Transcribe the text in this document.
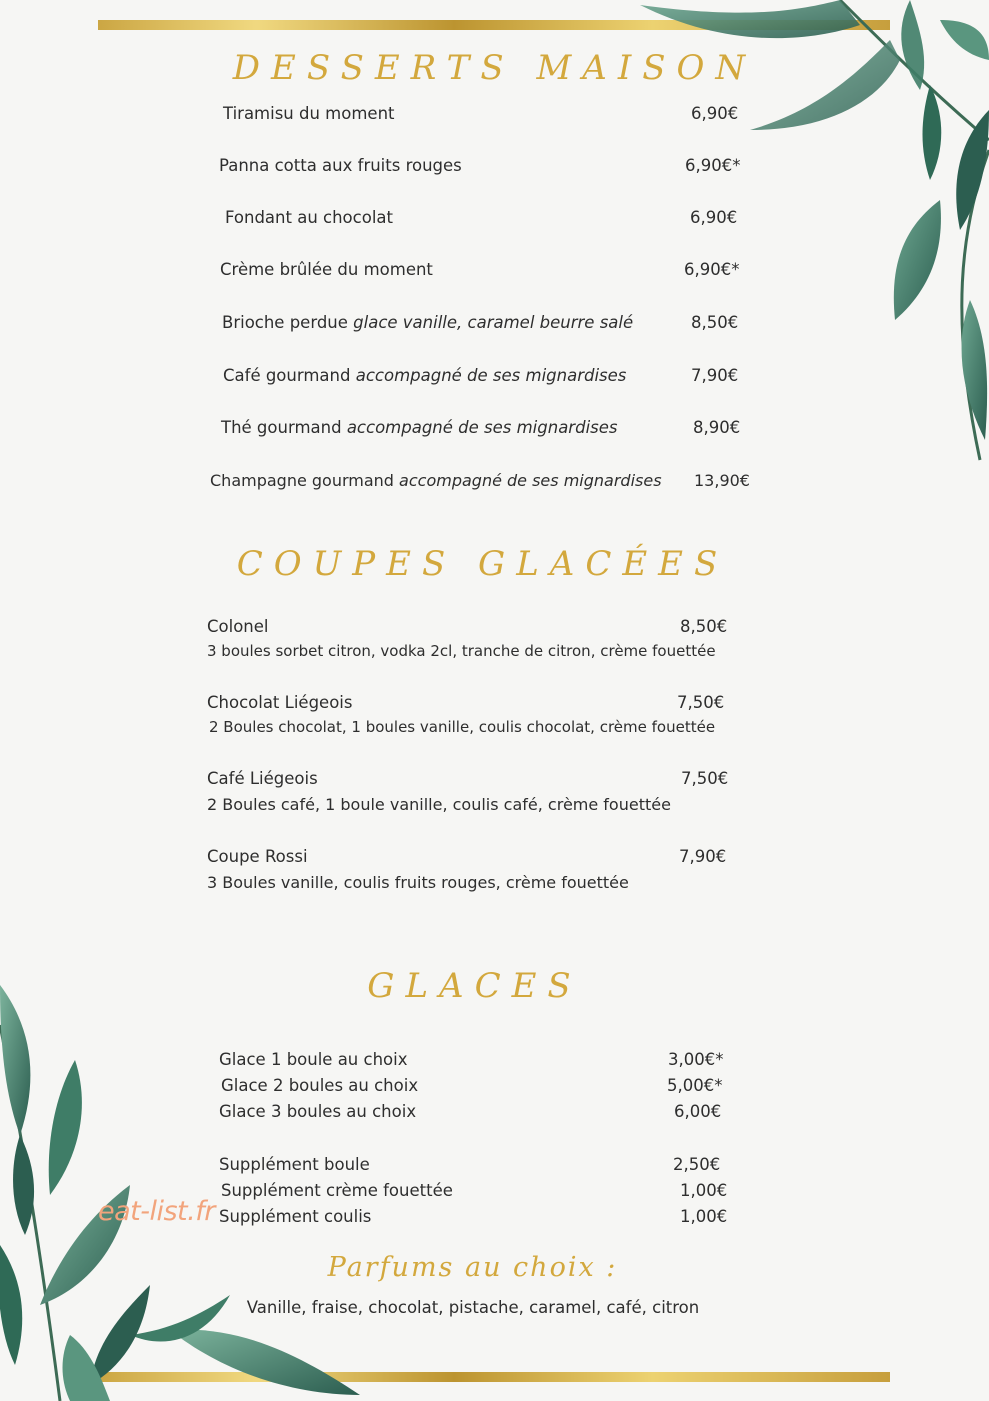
DESSERTS MAISON
Tiramisu du moment	6,90€
Panna cotta aux fruits rouges	6,90€*
Fondant au chocolat	6,90€
Crème brûlée du moment	6,90€*
Brioche perdue glace vanille, caramel beurre salé	8,50€
Café gourmand accompagné de ses mignardises	7,90€
Thé gourmand accompagné de ses mignardises	8,90€
Champagne gourmand accompagné de ses mignardises 13,90€
COUPES GLACÉES
Colonel	8,50€
3 boules sorbet citron, vodka 2cl, tranche de citron, crème fouettée
Chocolat Liégeois	7,50€
2 Boules chocolat, 1 boules vanille, coulis chocolat, crème fouettée
Café Liégeois	7,50€
2 Boules café, 1 boule vanille, coulis café, crème fouettée
Coupe Rossi	7,90€
3 Boules vanille, coulis fruits rouges, crème fouettée
GLACES
Glace 1 boule au choix	3,00€*
Glace 2 boules au choix	5,00€*
Glace 3 boules au choix	6,00€
Supplément boule	2,50€
Supplément crème fouettée	1,00€
Supplément coulis	1,00€
eat-list.fr
Parfums au choix :
Vanille, fraise, chocolat, pistache, caramel, café, citron
